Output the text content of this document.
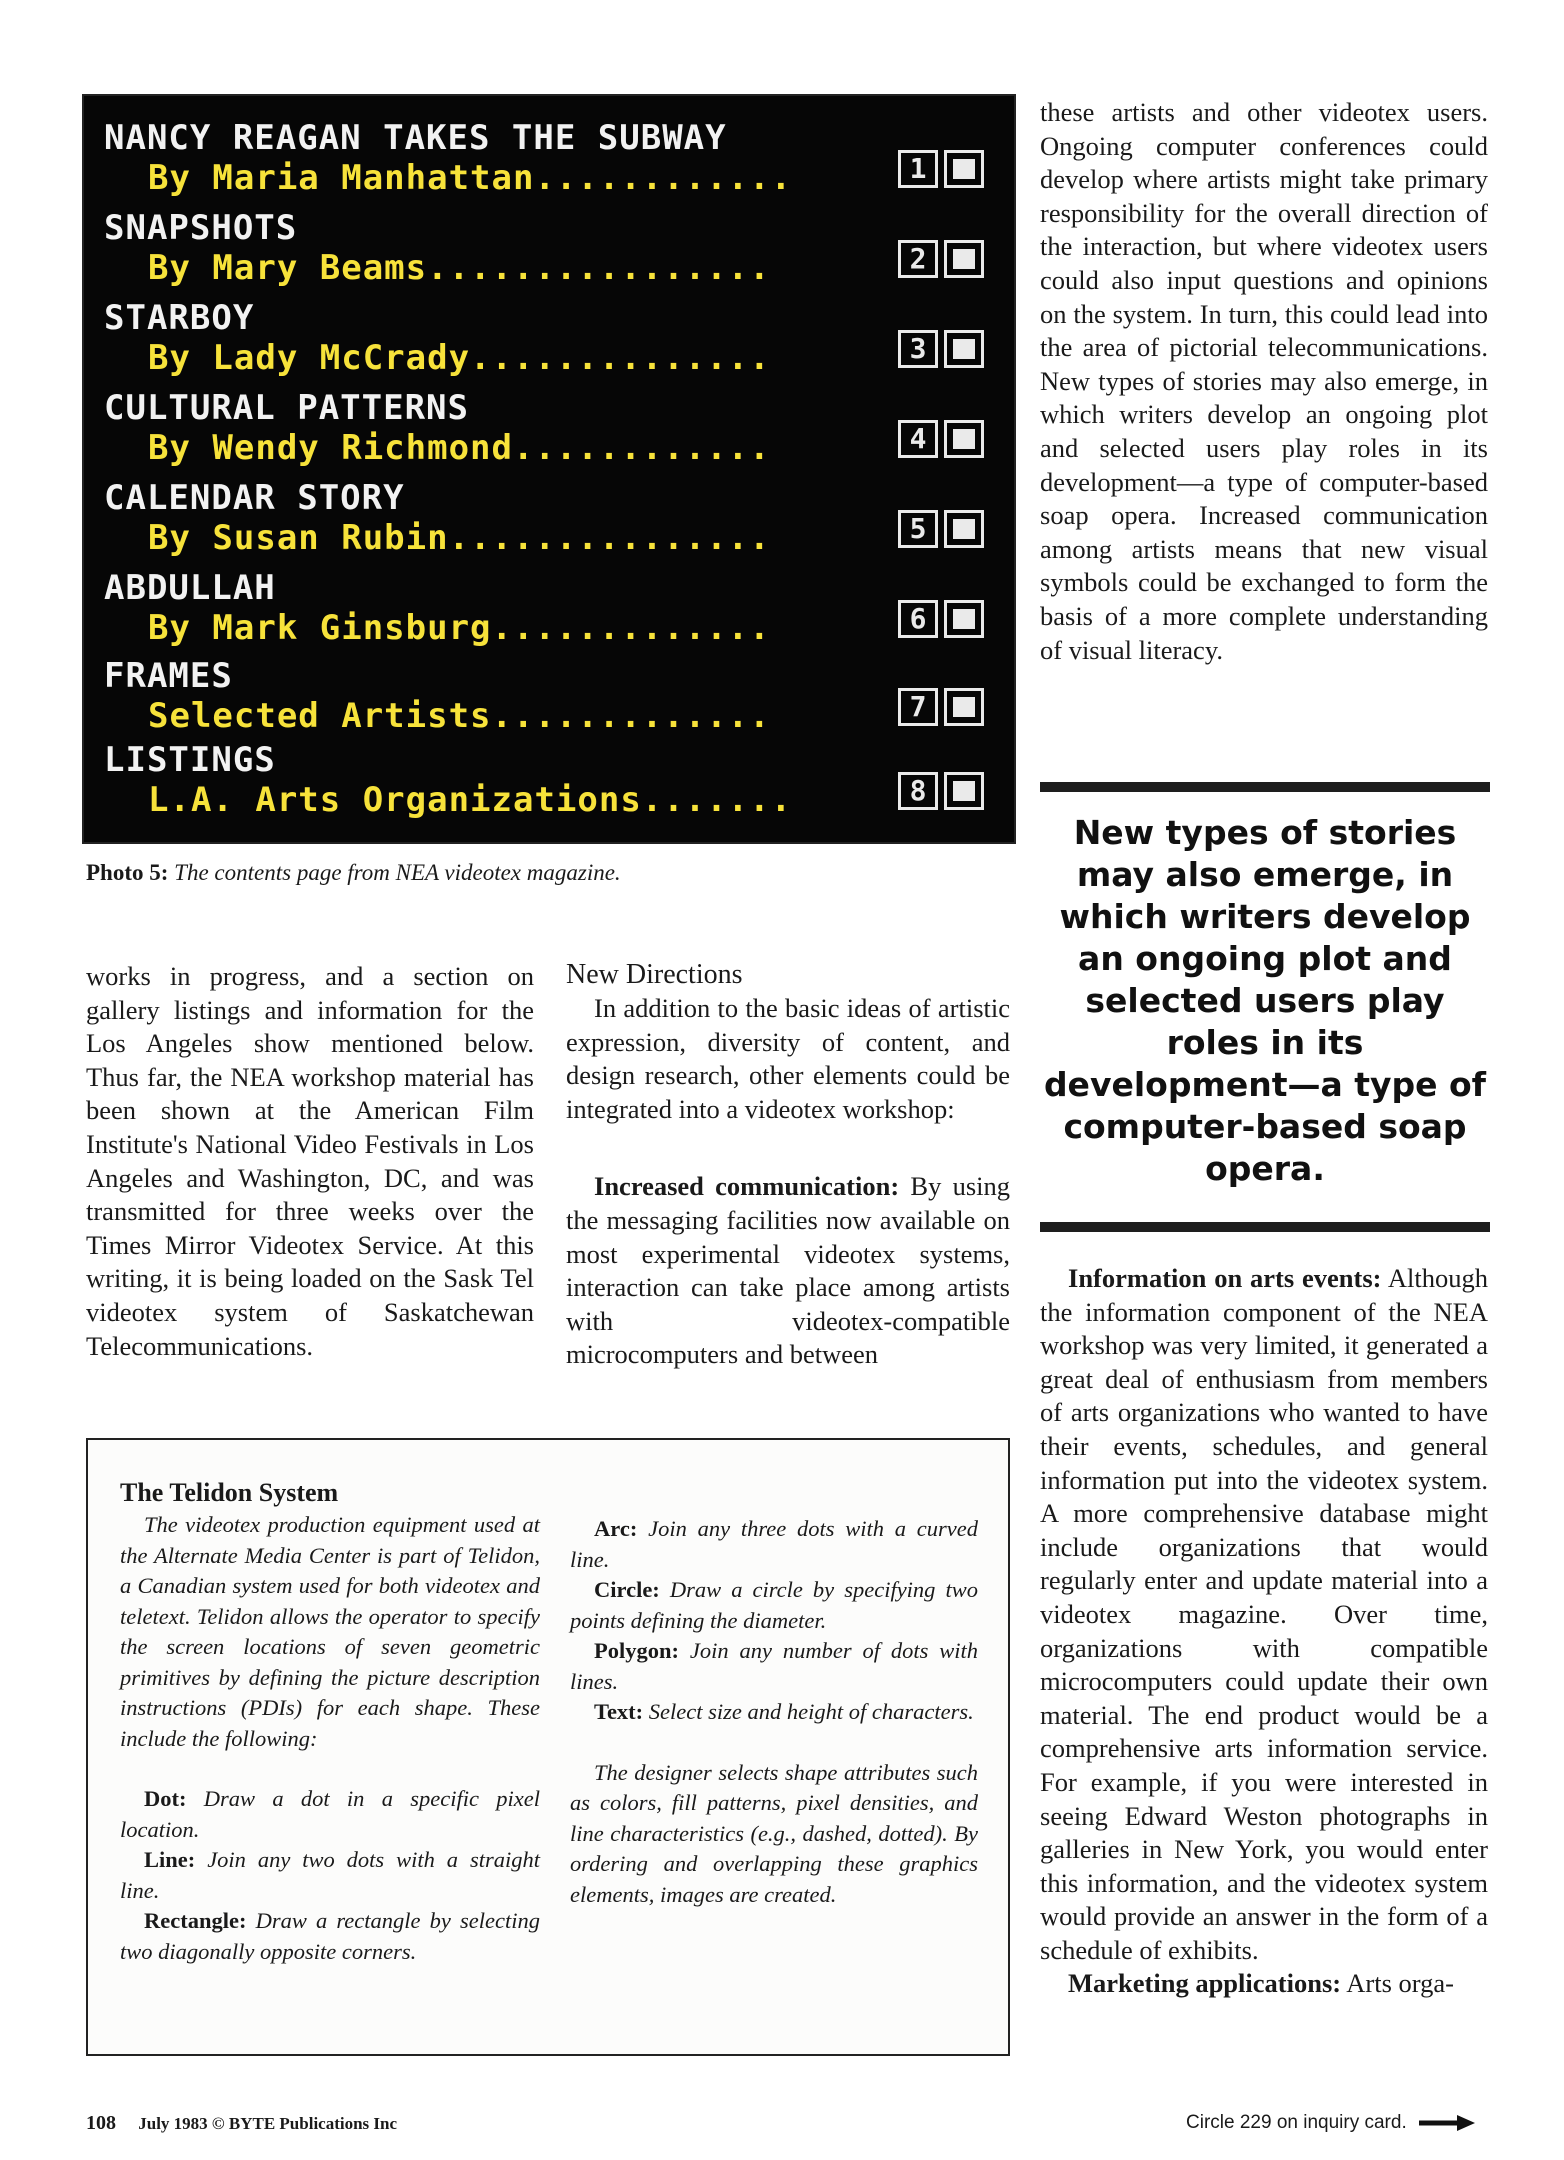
NANCY REAGAN TAKES THE SUBWAY
By Maria Manhattan............	1
SNAPSHOTS
By Mary Beams................	2
STARBOY
By Lady McCrady..............	3
CULTURAL PATTERNS
By Wendy Richmond............	4
CALENDAR STORY
By Susan Rubin...............	5
ABDULLAH
By Mark Ginsburg.............	6
FRAMES
Selected Artists.............	7
LISTINGS
L.A. Arts Organizations.......	8
Photo 5: The contents page from NEA videotex magazine.

works in progress, and a section on gallery listings and information for the Los Angeles show mentioned below. Thus far, the NEA workshop material has been shown at the American Film Institute's National Video Festivals in Los Angeles and Washington, DC, and was transmitted for three weeks over the Times Mirror Videotex Service. At this writing, it is being loaded on the Sask Tel videotex system of Saskatchewan Telecommunications.

New Directions

In addition to the basic ideas of artistic expression, diversity of content, and design research, other elements could be integrated into a videotex workshop:

Increased communication: By using the messaging facilities now available on most experimental videotex systems, interaction can take place among artists with videotex-compatible microcomputers and between

these artists and other videotex users. Ongoing computer conferences could develop where artists might take primary responsibility for the overall direction of the interaction, but where videotex users could also input questions and opinions on the system. In turn, this could lead into the area of pictorial telecommunications. New types of stories may also emerge, in which writers develop an ongoing plot and selected users play roles in its development—a type of computer-based soap opera. Increased communication among artists means that new visual symbols could be exchanged to form the basis of a more complete understanding of visual literacy.

New types of stories may also emerge, in which writers develop an ongoing plot and selected users play roles in its development—a type of computer-based soap opera.

Information on arts events: Although the information component of the NEA workshop was very limited, it generated a great deal of enthusiasm from members of arts organizations who wanted to have their events, schedules, and general information put into the videotex system. A more comprehensive database might include organizations that would regularly enter and update material into a videotex magazine. Over time, organizations with compatible microcomputers could update their own material. The end product would be a comprehensive arts information service. For example, if you were interested in seeing Edward Weston photographs in galleries in New York, you would enter this information, and the videotex system would provide an answer in the form of a schedule of exhibits.

Marketing applications: Arts orga-

The Telidon System

The videotex production equipment used at the Alternate Media Center is part of Telidon, a Canadian system used for both videotex and teletext. Telidon allows the operator to specify the screen locations of seven geometric primitives by defining the picture description instructions (PDIs) for each shape. These include the following:

Dot: Draw a dot in a specific pixel location.

Line: Join any two dots with a straight line.

Rectangle: Draw a rectangle by selecting two diagonally opposite corners.

Arc: Join any three dots with a curved line.

Circle: Draw a circle by specifying two points defining the diameter.

Polygon: Join any number of dots with lines.

Text: Select size and height of characters.

The designer selects shape attributes such as colors, fill patterns, pixel densities, and line characteristics (e.g., dashed, dotted). By ordering and overlapping these graphics elements, images are created.

108 July 1983 © BYTE Publications Inc	Circle 229 on inquiry card.
